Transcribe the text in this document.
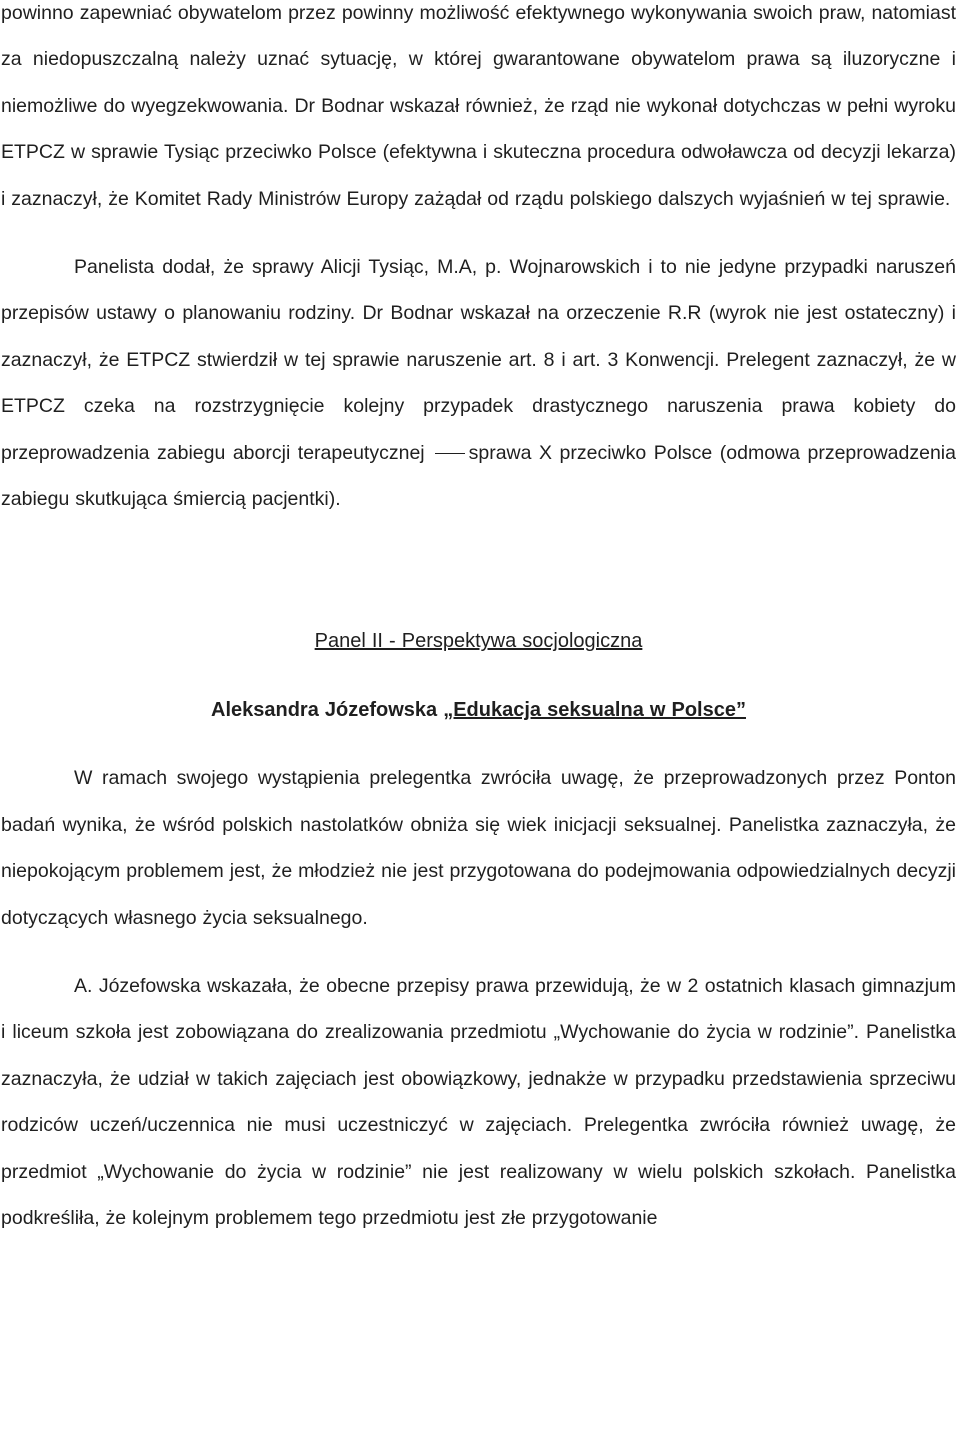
powinno zapewniać obywatelom przez powinny możliwość efektywnego wykonywania swoich praw, natomiast za niedopuszczalną należy uznać sytuację, w której gwarantowane obywatelom prawa są iluzoryczne i niemożliwe do wyegzekwowania. Dr Bodnar wskazał również, że rząd nie wykonał dotychczas w pełni wyroku ETPCZ w sprawie Tysiąc przeciwko Polsce (efektywna i skuteczna procedura odwoławcza od decyzji lekarza) i zaznaczył, że Komitet Rady Ministrów Europy zażądał od rządu polskiego dalszych wyjaśnień w tej sprawie.

Panelista dodał, że sprawy Alicji Tysiąc, M.A, p. Wojnarowskich i to nie jedyne przypadki naruszeń przepisów ustawy o planowaniu rodziny. Dr Bodnar wskazał na orzeczenie R.R (wyrok nie jest ostateczny) i zaznaczył, że ETPCZ stwierdził w tej sprawie naruszenie art. 8 i art. 3 Konwencji. Prelegent zaznaczył, że w ETPCZ czeka na rozstrzygnięcie kolejny przypadek drastycznego naruszenia prawa kobiety do przeprowadzenia zabiegu aborcji terapeutycznej sprawa X przeciwko Polsce (odmowa przeprowadzenia zabiegu skutkująca śmiercią pacjentki).

Panel II - Perspektywa socjologiczna

Aleksandra Józefowska „Edukacja seksualna w Polsce”

W ramach swojego wystąpienia prelegentka zwróciła uwagę, że przeprowadzonych przez Ponton badań wynika, że wśród polskich nastolatków obniża się wiek inicjacji seksualnej. Panelistka zaznaczyła, że niepokojącym problemem jest, że młodzież nie jest przygotowana do podejmowania odpowiedzialnych decyzji dotyczących własnego życia seksualnego.

A. Józefowska wskazała, że obecne przepisy prawa przewidują, że w 2 ostatnich klasach gimnazjum i liceum szkoła jest zobowiązana do zrealizowania przedmiotu „Wychowanie do życia w rodzinie”. Panelistka zaznaczyła, że udział w takich zajęciach jest obowiązkowy, jednakże w przypadku przedstawienia sprzeciwu rodziców uczeń/uczennica nie musi uczestniczyć w zajęciach. Prelegentka zwróciła również uwagę, że przedmiot „Wychowanie do życia w rodzinie” nie jest realizowany w wielu polskich szkołach. Panelistka podkreśliła, że kolejnym problemem tego przedmiotu jest złe przygotowanie
